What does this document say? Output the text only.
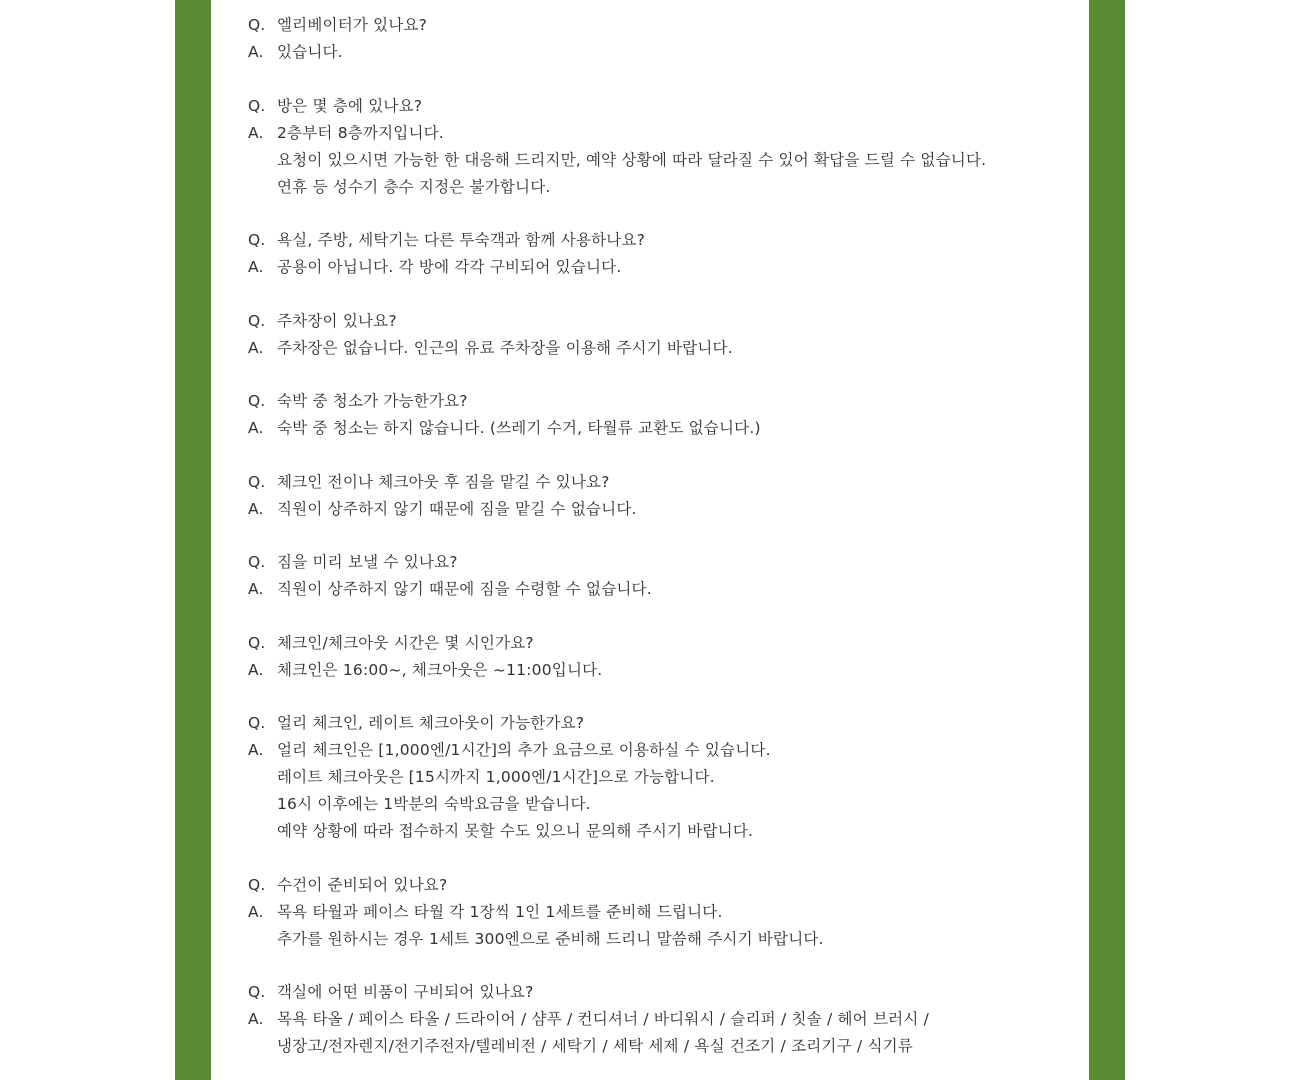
Q. 엘리베이터가 있나요?
A. 있습니다.
Q. 방은 몇 층에 있나요?
A. 2층부터 8층까지입니다.
요청이 있으시면 가능한 한 대응해 드리지만, 예약 상황에 따라 달라질 수 있어 확답을 드릴 수 없습니다.
연휴 등 성수기 층수 지정은 불가합니다.
Q. 욕실, 주방, 세탁기는 다른 투숙객과 함께 사용하나요?
A. 공용이 아닙니다. 각 방에 각각 구비되어 있습니다.
Q. 주차장이 있나요?
A. 주차장은 없습니다. 인근의 유료 주차장을 이용해 주시기 바랍니다.
Q. 숙박 중 청소가 가능한가요?
A. 숙박 중 청소는 하지 않습니다. (쓰레기 수거, 타월류 교환도 없습니다.)
Q. 체크인 전이나 체크아웃 후 짐을 맡길 수 있나요?
A. 직원이 상주하지 않기 때문에 짐을 맡길 수 없습니다.
Q. 짐을 미리 보낼 수 있나요?
A. 직원이 상주하지 않기 때문에 짐을 수령할 수 없습니다.
Q. 체크인/체크아웃 시간은 몇 시인가요?
A. 체크인은 16:00~, 체크아웃은 ~11:00입니다.
Q. 얼리 체크인, 레이트 체크아웃이 가능한가요?
A. 얼리 체크인은 [1,000엔/1시간]의 추가 요금으로 이용하실 수 있습니다.
레이트 체크아웃은 [15시까지 1,000엔/1시간]으로 가능합니다.
16시 이후에는 1박분의 숙박요금을 받습니다.
예약 상황에 따라 접수하지 못할 수도 있으니 문의해 주시기 바랍니다.
Q. 수건이 준비되어 있나요?
A. 목욕 타월과 페이스 타월 각 1장씩 1인 1세트를 준비해 드립니다.
추가를 원하시는 경우 1세트 300엔으로 준비해 드리니 말씀해 주시기 바랍니다.
Q. 객실에 어떤 비품이 구비되어 있나요?
A. 목욕 타올 / 페이스 타올 / 드라이어 / 샴푸 / 컨디셔너 / 바디워시 / 슬리퍼 / 칫솔 / 헤어 브러시 /
냉장고/전자렌지/전기주전자/텔레비전 / 세탁기 / 세탁 세제 / 욕실 건조기 / 조리기구 / 식기류
